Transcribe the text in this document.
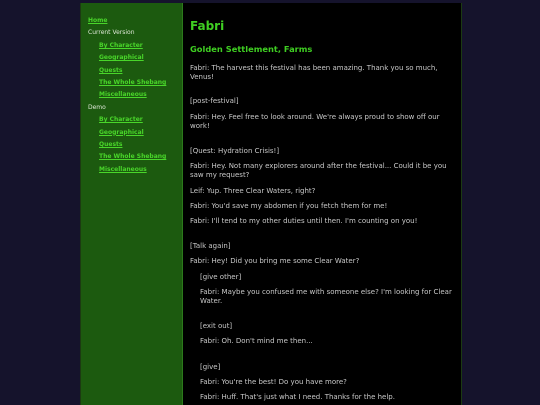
Home
Current Version
By Character
Geographical
Quests
The Whole Shebang
Miscellaneous
Demo
By Character
Geographical
Quests
The Whole Shebang
Miscellaneous
Fabri
Golden Settlement, Farms

Fabri: The harvest this festival has been amazing. Thank you so much, Venus!

[post-festival]

Fabri: Hey. Feel free to look around. We're always proud to show off our work!

[Quest: Hydration Crisis!]

Fabri: Hey. Not many explorers around after the festival... Could it be you saw my request?

Leif: Yup. Three Clear Waters, right?

Fabri: You'd save my abdomen if you fetch them for me!

Fabri: I'll tend to my other duties until then. I'm counting on you!

[Talk again]

Fabri: Hey! Did you bring me some Clear Water?

[give other]

Fabri: Maybe you confused me with someone else? I'm looking for Clear Water.

[exit out]

Fabri: Oh. Don't mind me then...

[give]

Fabri: You're the best! Do you have more?

Fabri: Huff. That's just what I need. Thanks for the help.
